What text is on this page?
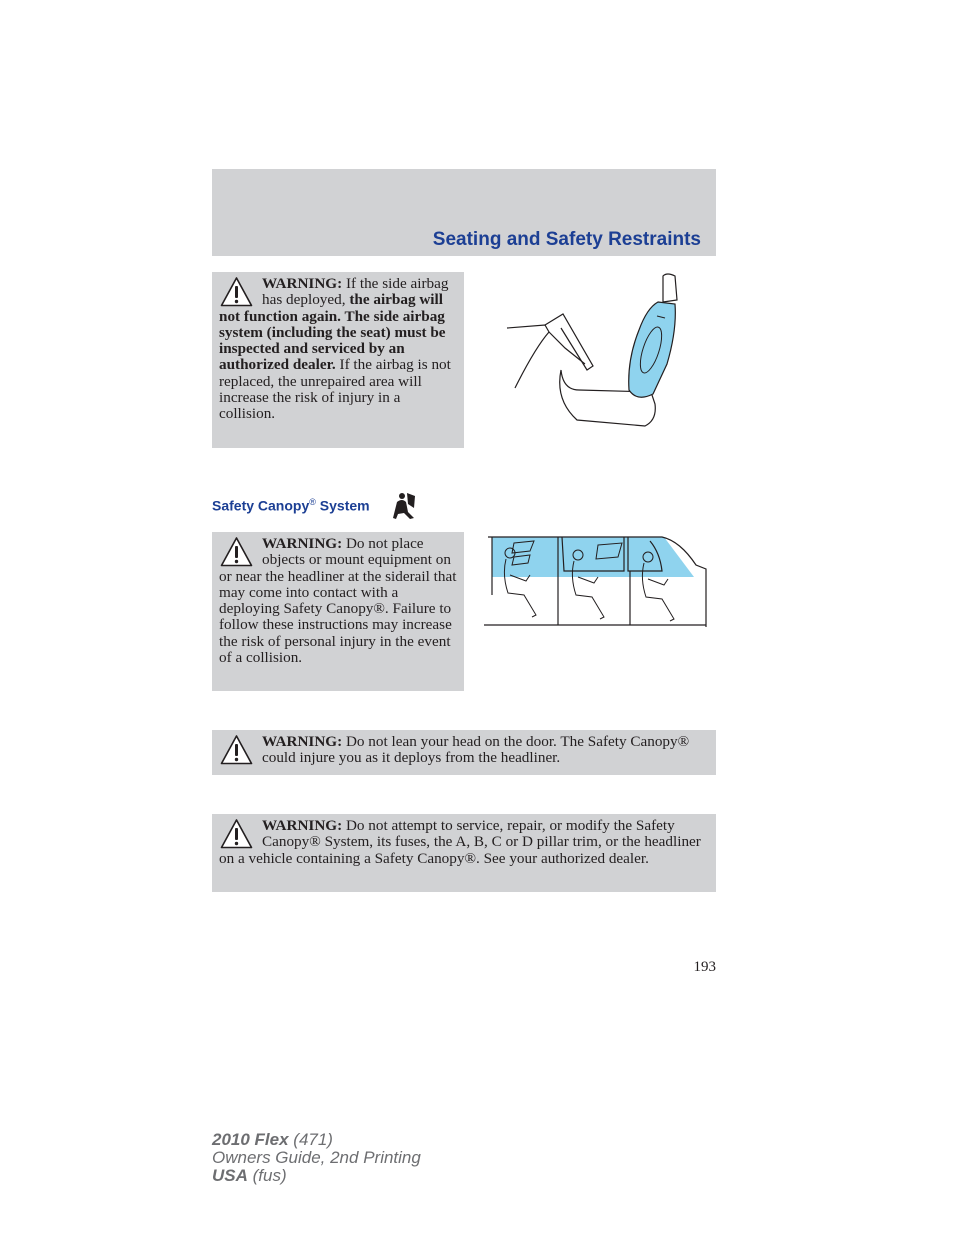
Seating and Safety Restraints

WARNING: If the side airbag has deployed, the airbag will not function again. The side airbag system (including the seat) must be inspected and serviced by an authorized dealer. If the airbag is not replaced, the unrepaired area will increase the risk of injury in a collision.

Safety Canopy® System

WARNING: Do not place objects or mount equipment on or near the headliner at the siderail that may come into contact with a deploying Safety Canopy®. Failure to follow these instructions may increase the risk of personal injury in the event of a collision.

WARNING: Do not lean your head on the door. The Safety Canopy® could injure you as it deploys from the headliner.

WARNING: Do not attempt to service, repair, or modify the Safety Canopy® System, its fuses, the A, B, C or D pillar trim, or the headliner on a vehicle containing a Safety Canopy®. See your authorized dealer.

193
2010 Flex (471)
Owners Guide, 2nd Printing
USA (fus)
